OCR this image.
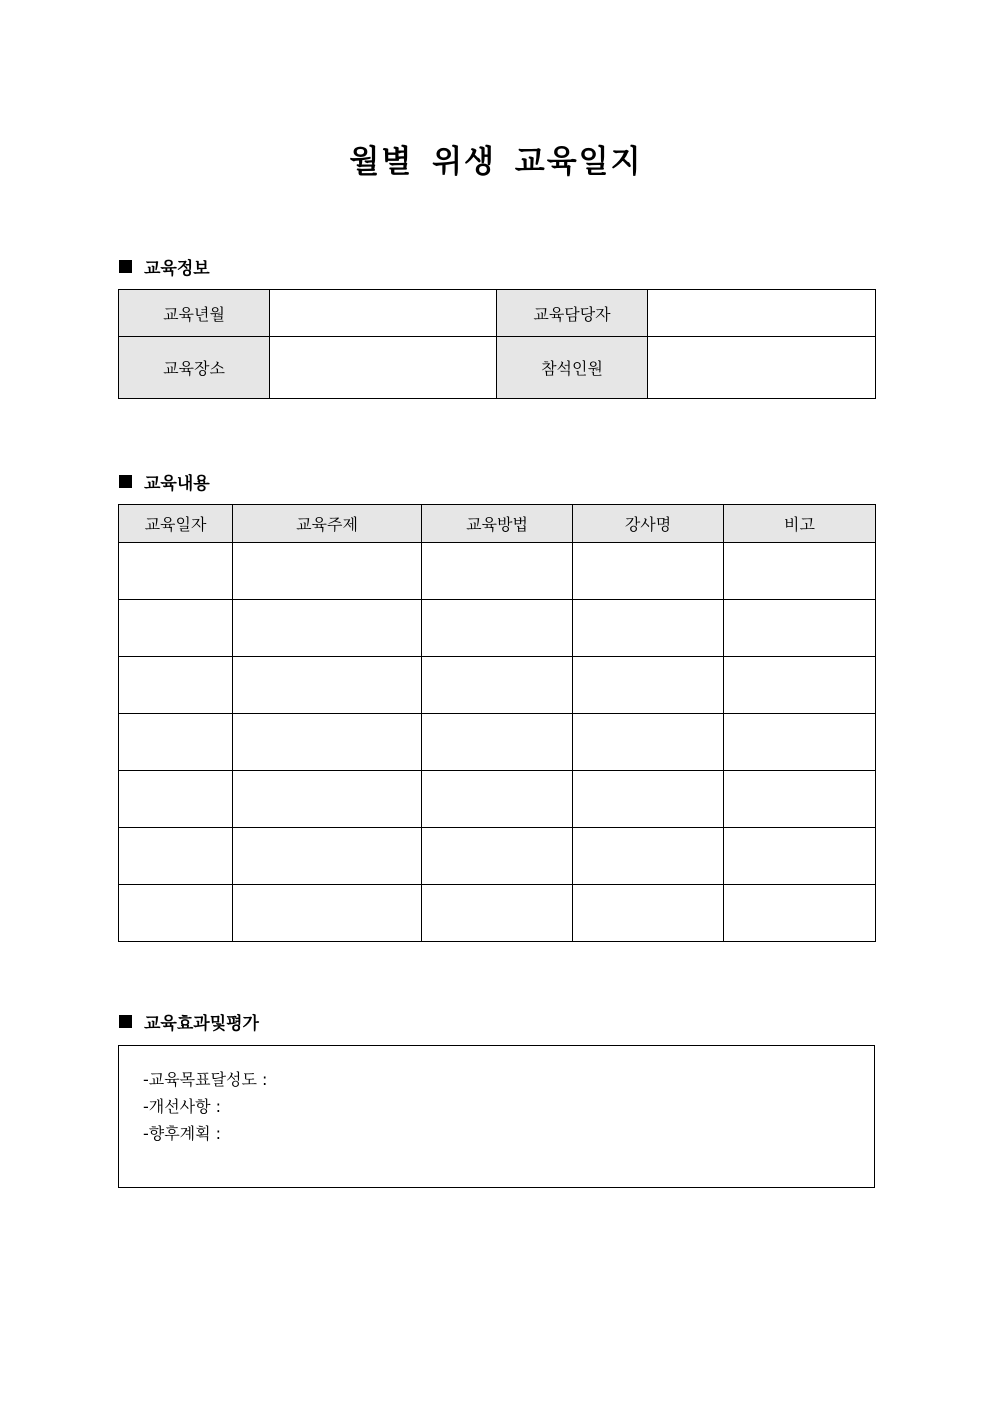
월별 위생 교육일지
교육정보
교육년월		교육담당자	
교육장소		참석인원	
교육내용
교육일자	교육주제	교육방법	강사명	비고

교육효과및평가
-교육목표달성도 :
-개선사항 :
-향후계획 :
